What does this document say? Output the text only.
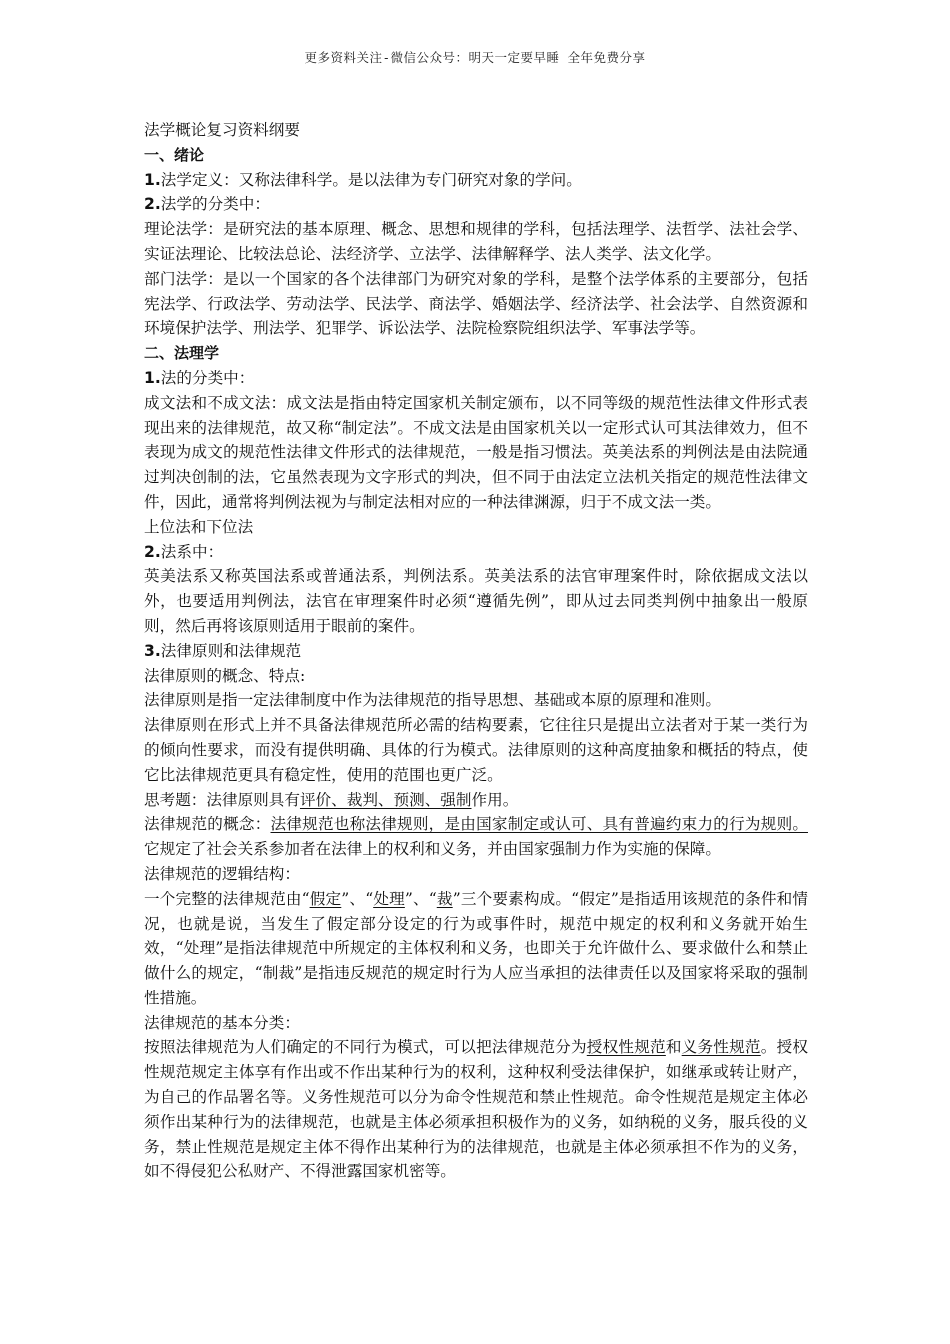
更多资料关注-微信公众号：明天一定要早睡 全年免费分享

法学概论复习资料纲要

一、绪论

1.法学定义：又称法律科学。是以法律为专门研究对象的学问。

2.法学的分类中：

理论法学：是研究法的基本原理、概念、思想和规律的学科，包括法理学、法哲学、法社会学、实证法理论、比较法总论、法经济学、立法学、法律解释学、法人类学、法文化学。

部门法学：是以一个国家的各个法律部门为研究对象的学科，是整个法学体系的主要部分，包括宪法学、行政法学、劳动法学、民法学、商法学、婚姻法学、经济法学、社会法学、自然资源和环境保护法学、刑法学、犯罪学、诉讼法学、法院检察院组织法学、军事法学等。

二、法理学

1.法的分类中：

成文法和不成文法：成文法是指由特定国家机关制定颁布，以不同等级的规范性法律文件形式表现出来的法律规范，故又称“制定法”。不成文法是由国家机关以一定形式认可其法律效力，但不表现为成文的规范性法律文件形式的法律规范，一般是指习惯法。英美法系的判例法是由法院通过判决创制的法，它虽然表现为文字形式的判决，但不同于由法定立法机关指定的规范性法律文件，因此，通常将判例法视为与制定法相对应的一种法律渊源，归于不成文法一类。

上位法和下位法

2.法系中：

英美法系又称英国法系或普通法系，判例法系。英美法系的法官审理案件时，除依据成文法以外，也要适用判例法，法官在审理案件时必须“遵循先例”，即从过去同类判例中抽象出一般原则，然后再将该原则适用于眼前的案件。

3.法律原则和法律规范

法律原则的概念、特点:

法律原则是指一定法律制度中作为法律规范的指导思想、基础或本原的原理和准则。

法律原则在形式上并不具备法律规范所必需的结构要素，它往往只是提出立法者对于某一类行为的倾向性要求，而没有提供明确、具体的行为模式。法律原则的这种高度抽象和概括的特点，使它比法律规范更具有稳定性，使用的范围也更广泛。

思考题：法律原则具有评价、裁判、预测、强制作用。

法律规范的概念：法律规范也称法律规则，是由国家制定或认可、具有普遍约束力的行为规则。它规定了社会关系参加者在法律上的权利和义务，并由国家强制力作为实施的保障。

法律规范的逻辑结构：

一个完整的法律规范由“假定”、“处理”、“裁”三个要素构成。“假定”是指适用该规范的条件和情况，也就是说，当发生了假定部分设定的行为或事件时，规范中规定的权利和义务就开始生效，“处理”是指法律规范中所规定的主体权利和义务，也即关于允许做什么、要求做什么和禁止做什么的规定，“制裁”是指违反规范的规定时行为人应当承担的法律责任以及国家将采取的强制性措施。

法律规范的基本分类：

按照法律规范为人们确定的不同行为模式，可以把法律规范分为授权性规范和义务性规范。授权性规范规定主体享有作出或不作出某种行为的权利，这种权利受法律保护，如继承或转让财产，为自己的作品署名等。义务性规范可以分为命令性规范和禁止性规范。命令性规范是规定主体必须作出某种行为的法律规范，也就是主体必须承担积极作为的义务，如纳税的义务，服兵役的义务，禁止性规范是规定主体不得作出某种行为的法律规范，也就是主体必须承担不作为的义务，如不得侵犯公私财产、不得泄露国家机密等。
